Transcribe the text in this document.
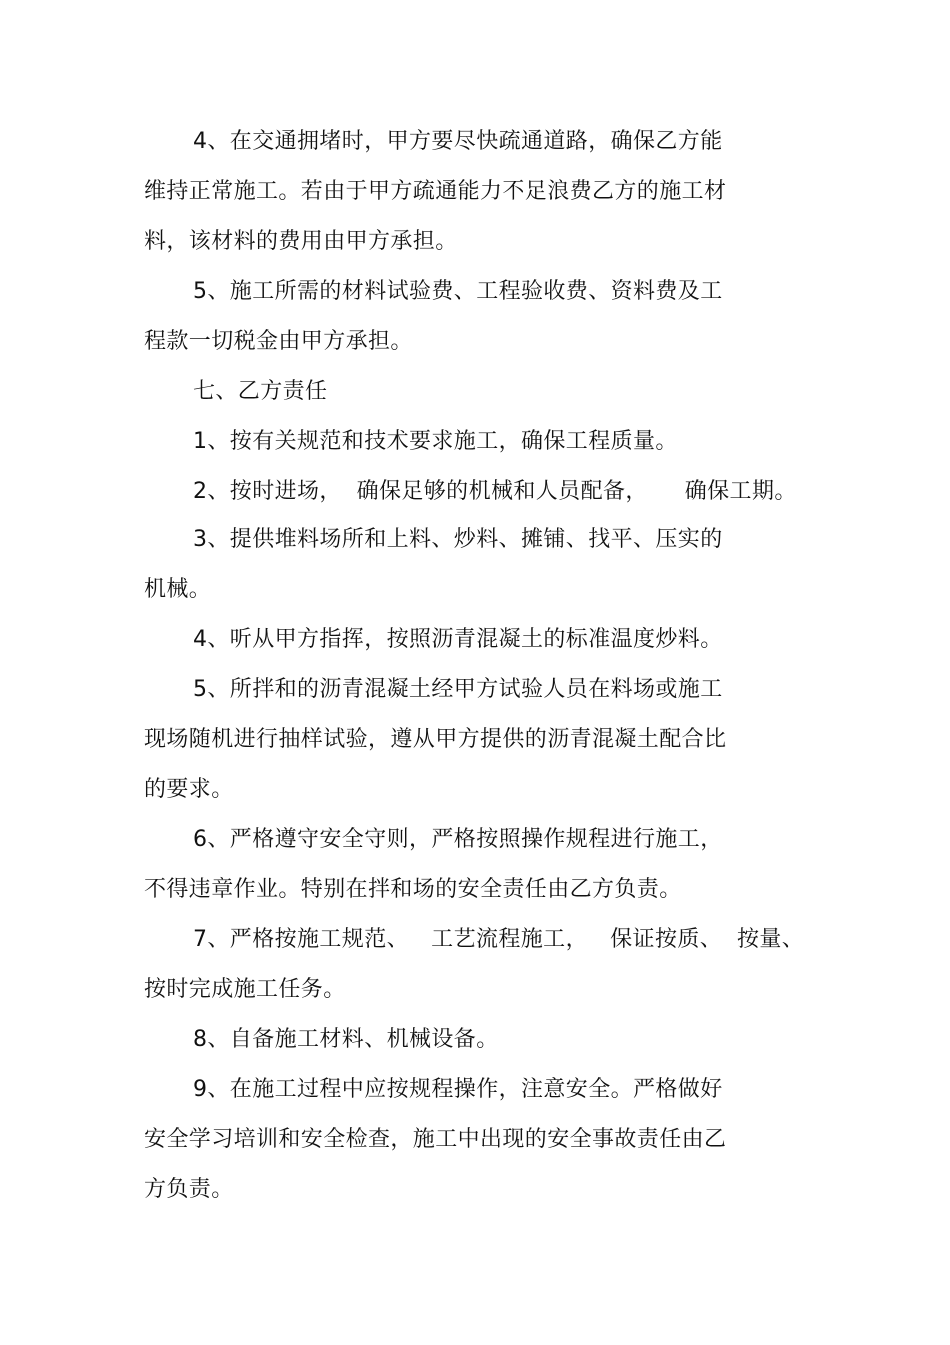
4、在交通拥堵时，甲方要尽快疏通道路，确保乙方能
维持正常施工。若由于甲方疏通能力不足浪费乙方的施工材
料，该材料的费用由甲方承担。
5、施工所需的材料试验费、工程验收费、资料费及工
程款一切税金由甲方承担。
七、乙方责任
1、按有关规范和技术要求施工，确保工程质量。
2、按时进场，  确保足够的机械和人员配备，     确保工期。
3、提供堆料场所和上料、炒料、摊铺、找平、压实的
机械。
4、听从甲方指挥，按照沥青混凝土的标准温度炒料。
5、所拌和的沥青混凝土经甲方试验人员在料场或施工
现场随机进行抽样试验，遵从甲方提供的沥青混凝土配合比
的要求。
6、严格遵守安全守则，严格按照操作规程进行施工，
不得违章作业。特别在拌和场的安全责任由乙方负责。
7、严格按施工规范、   工艺流程施工，   保证按质、  按量、
按时完成施工任务。
8、自备施工材料、机械设备。
9、在施工过程中应按规程操作，注意安全。严格做好
安全学习培训和安全检查，施工中出现的安全事故责任由乙
方负责。
